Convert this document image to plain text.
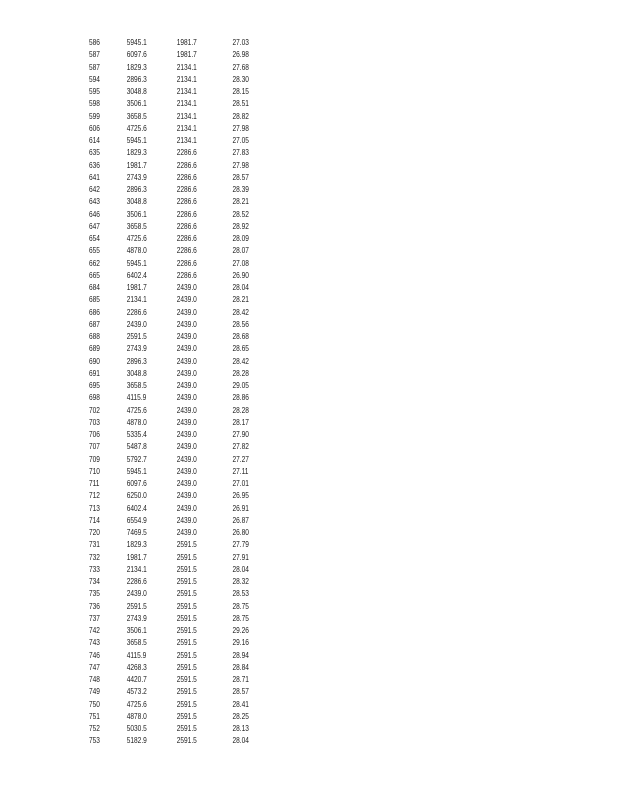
586	5945.1	1981.7	27.03
587	6097.6	1981.7	26.98
587	1829.3	2134.1	27.68
594	2896.3	2134.1	28.30
595	3048.8	2134.1	28.15
598	3506.1	2134.1	28.51
599	3658.5	2134.1	28.82
606	4725.6	2134.1	27.98
614	5945.1	2134.1	27.05
635	1829.3	2286.6	27.83
636	1981.7	2286.6	27.98
641	2743.9	2286.6	28.57
642	2896.3	2286.6	28.39
643	3048.8	2286.6	28.21
646	3506.1	2286.6	28.52
647	3658.5	2286.6	28.92
654	4725.6	2286.6	28.09
655	4878.0	2286.6	28.07
662	5945.1	2286.6	27.08
665	6402.4	2286.6	26.90
684	1981.7	2439.0	28.04
685	2134.1	2439.0	28.21
686	2286.6	2439.0	28.42
687	2439.0	2439.0	28.56
688	2591.5	2439.0	28.68
689	2743.9	2439.0	28.65
690	2896.3	2439.0	28.42
691	3048.8	2439.0	28.28
695	3658.5	2439.0	29.05
698	4115.9	2439.0	28.86
702	4725.6	2439.0	28.28
703	4878.0	2439.0	28.17
706	5335.4	2439.0	27.90
707	5487.8	2439.0	27.82
709	5792.7	2439.0	27.27
710	5945.1	2439.0	27.11
711	6097.6	2439.0	27.01
712	6250.0	2439.0	26.95
713	6402.4	2439.0	26.91
714	6554.9	2439.0	26.87
720	7469.5	2439.0	26.80
731	1829.3	2591.5	27.79
732	1981.7	2591.5	27.91
733	2134.1	2591.5	28.04
734	2286.6	2591.5	28.32
735	2439.0	2591.5	28.53
736	2591.5	2591.5	28.75
737	2743.9	2591.5	28.75
742	3506.1	2591.5	29.26
743	3658.5	2591.5	29.16
746	4115.9	2591.5	28.94
747	4268.3	2591.5	28.84
748	4420.7	2591.5	28.71
749	4573.2	2591.5	28.57
750	4725.6	2591.5	28.41
751	4878.0	2591.5	28.25
752	5030.5	2591.5	28.13
753	5182.9	2591.5	28.04
